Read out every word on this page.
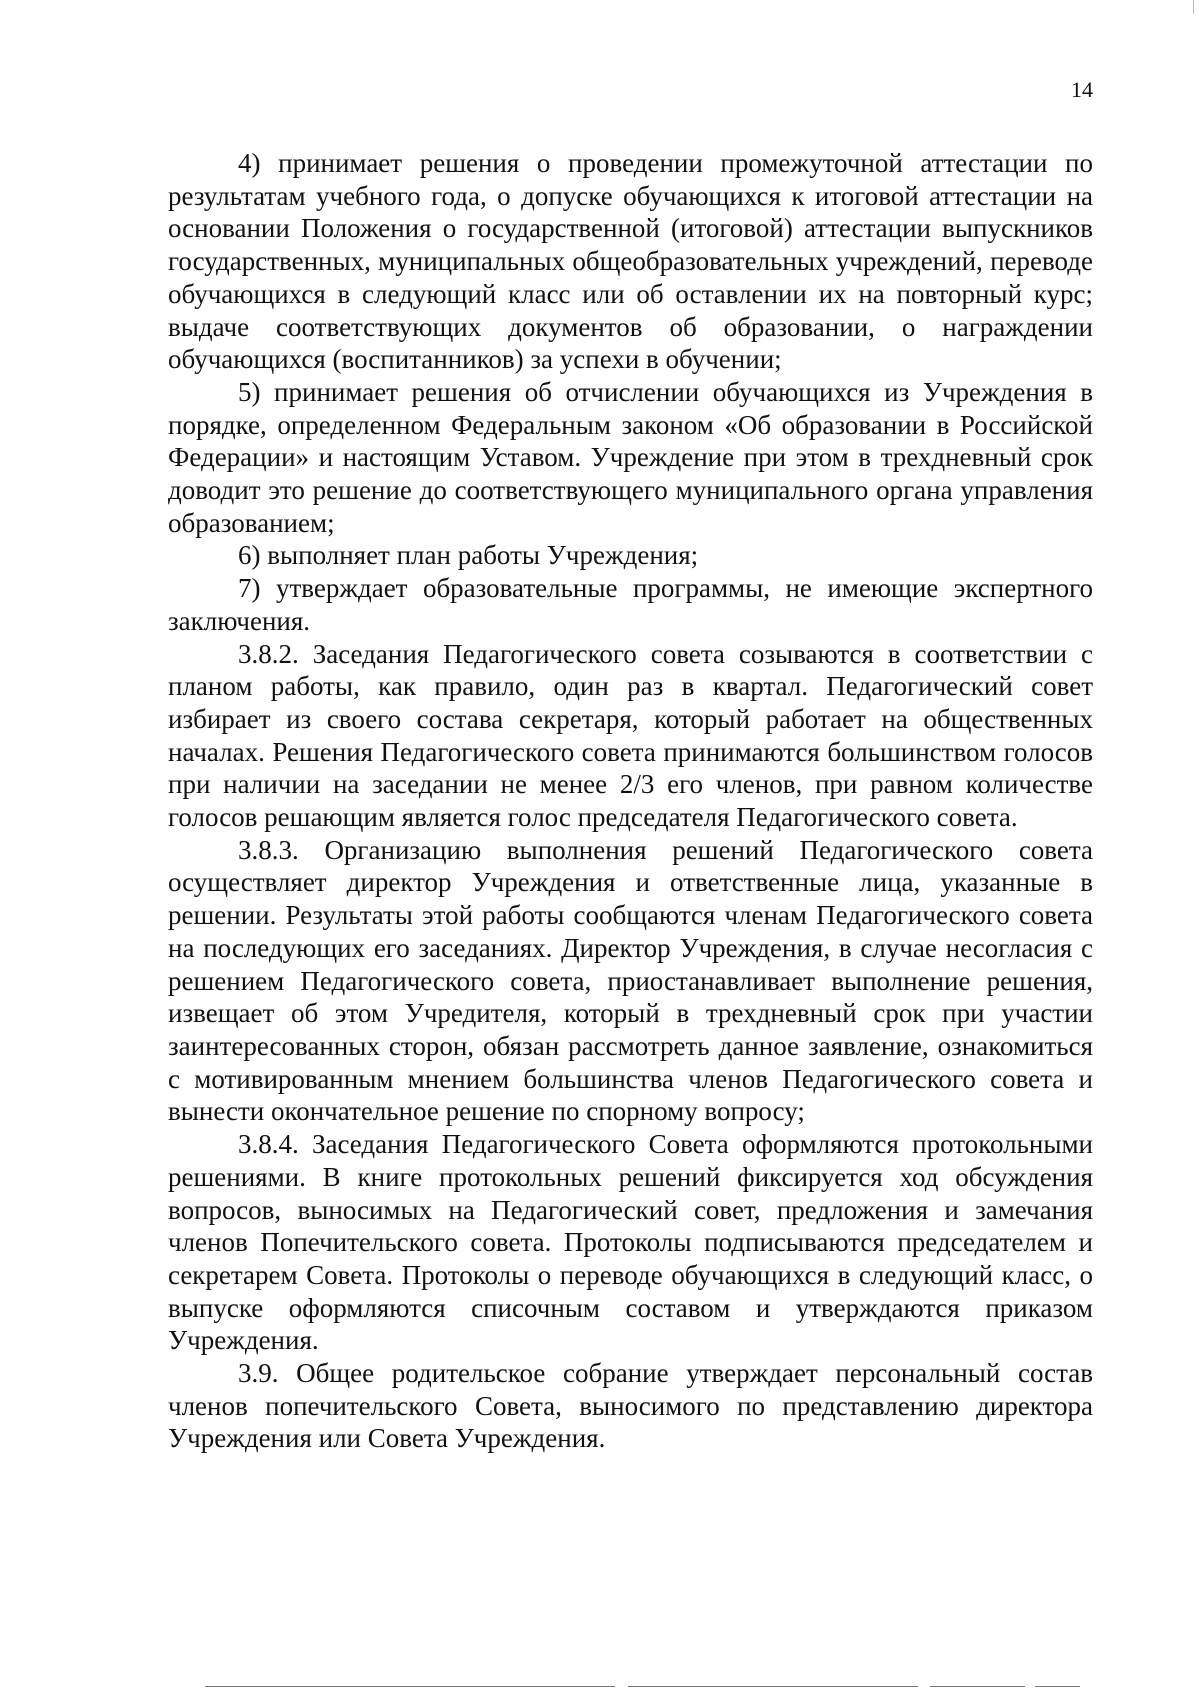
14

4) принимает решения о проведении промежуточной аттестации по результатам учебного года, о допуске обучающихся к итоговой аттестации на основании Положения о государственной (итоговой) аттестации выпускников государственных, муниципальных общеобразовательных учреждений, переводе обучающихся в следующий класс или об оставлении их на повторный курс; выдаче соответствующих документов об образовании, о награждении обучающихся (воспитанников) за успехи в обучении;

5) принимает решения об отчислении обучающихся из Учреждения в порядке, определенном Федеральным законом «Об образовании в Российской Федерации» и настоящим Уставом. Учреждение при этом в трехдневный срок доводит это решение до соответствующего муниципального органа управления образованием;

6) выполняет план работы Учреждения;

7) утверждает образовательные программы, не имеющие экспертного заключения.

3.8.2. Заседания Педагогического совета созываются в соответствии с планом работы, как правило, один раз в квартал. Педагогический совет избирает из своего состава секретаря, который работает на общественных началах. Решения Педагогического совета принимаются большинством голосов при наличии на заседании не менее 2/3 его членов, при равном количестве голосов решающим является голос председателя Педагогического совета.

3.8.3. Организацию выполнения решений Педагогического совета осуществляет директор Учреждения и ответственные лица, указанные в решении. Результаты этой работы сообщаются членам Педагогического совета на последующих его заседаниях. Директор Учреждения, в случае несогласия с решением Педагогического совета, приостанавливает выполнение решения, извещает об этом Учредителя, который в трехдневный срок при участии заинтересованных сторон, обязан рассмотреть данное заявление, ознакомиться с мотивированным мнением большинства членов Педагогического совета и вынести окончательное решение по спорному вопросу;

3.8.4. Заседания Педагогического Совета оформляются протокольными решениями. В книге протокольных решений фиксируется ход обсуждения вопросов, выносимых на Педагогический совет, предложения и замечания членов Попечительского совета. Протоколы подписываются председателем и секретарем Совета. Протоколы о переводе обучающихся в следующий класс, о выпуске оформляются списочным составом и утверждаются приказом Учреждения.

3.9. Общее родительское собрание утверждает персональный состав членов попечительского Совета, выносимого по представлению директора Учреждения или Совета Учреждения.
